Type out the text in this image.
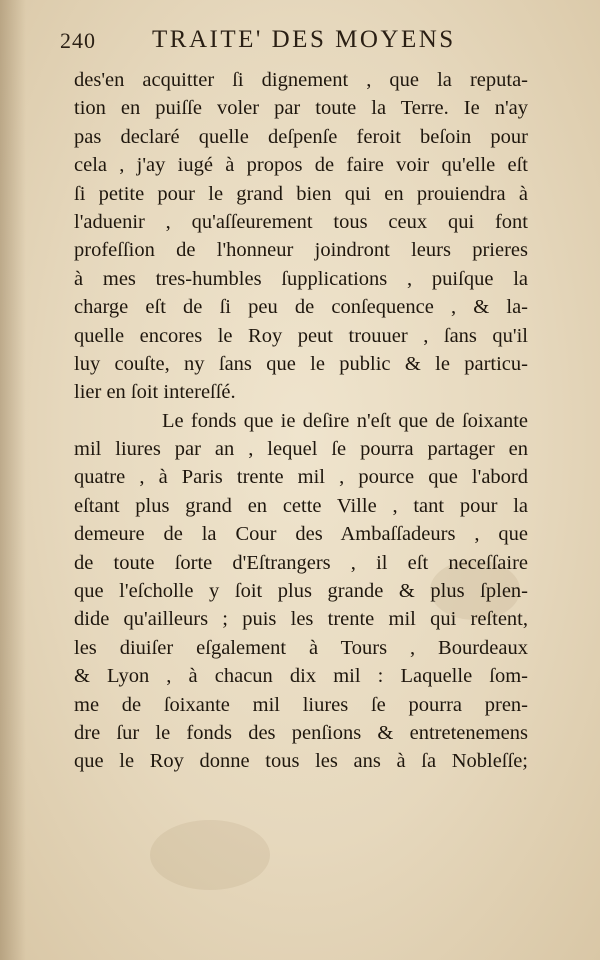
240 TRAITE' DES MOYENS
des'en acquitter ſi dignement , que la reputa-
tion en puiſſe voler par toute la Terre. Ie n'ay
pas declaré quelle deſpenſe feroit beſoin pour
cela , j'ay iugé à propos de faire voir qu'elle eſt
ſi petite pour le grand bien qui en prouiendra à
l'aduenir , qu'aſſeurement tous ceux qui font
profeſſion de l'honneur joindront leurs prieres
à mes tres-humbles ſupplications , puiſque la
charge eſt de ſi peu de conſequence , & la-
quelle encores le Roy peut trouuer , ſans qu'il
luy couſte, ny ſans que le public & le particu-
lier en ſoit intereſſé.
Le fonds que ie deſire n'eſt que de ſoixante
mil liures par an , lequel ſe pourra partager en
quatre , à Paris trente mil , pource que l'abord
eſtant plus grand en cette Ville , tant pour la
demeure de la Cour des Ambaſſadeurs , que
de toute ſorte d'Eſtrangers , il eſt neceſſaire
que l'eſcholle y ſoit plus grande & plus ſplen-
dide qu'ailleurs ; puis les trente mil qui reſtent,
les diuiſer eſgalement à Tours , Bourdeaux
& Lyon , à chacun dix mil : Laquelle ſom-
me de ſoixante mil liures ſe pourra pren-
dre ſur le fonds des penſions & entretenemens
que le Roy donne tous les ans à ſa Nobleſſe;
